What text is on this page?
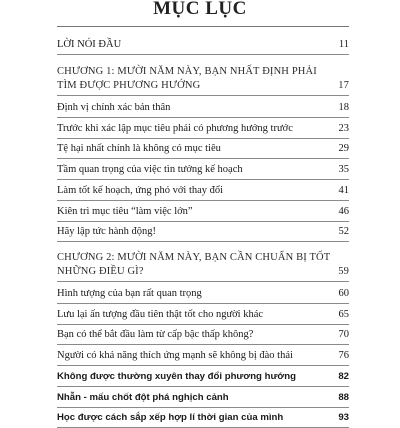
MỤC LỤC
LỜI NÓI ĐẦU	11
CHƯƠNG 1: MƯỜI NĂM NÀY, BẠN NHẤT ĐỊNH PHẢI
TÌM ĐƯỢC PHƯƠNG HƯỚNG	17
Định vị chính xác bản thân	18
Trước khi xác lập mục tiêu phải có phương hướng trước	23
Tệ hại nhất chính là không có mục tiêu	29
Tầm quan trọng của việc tìn tưởng kế hoạch	35
Làm tốt kế hoạch, ứng phó với thay đổi	41
Kiên trì mục tiêu “làm việc lớn”	46
Hãy lập tức hành động!	52
CHƯƠNG 2: MƯỜI NĂM NÀY, BẠN CẦN CHUẨN BỊ TỐT
NHỮNG ĐIỀU GÌ?	59
Hình tượng của bạn rất quan trọng	60
Lưu lại ấn tượng đầu tiên thật tốt cho người khác	65
Bạn có thể bắt đầu làm từ cấp bậc thấp không?	70
Người có khả năng thích ứng mạnh sẽ không bị đào thải	76
Không được thường xuyên thay đổi phương hướng	82
Nhẫn - mấu chốt đột phá nghịch cảnh	88
Học được cách sắp xếp hợp lí thời gian của mình	93
